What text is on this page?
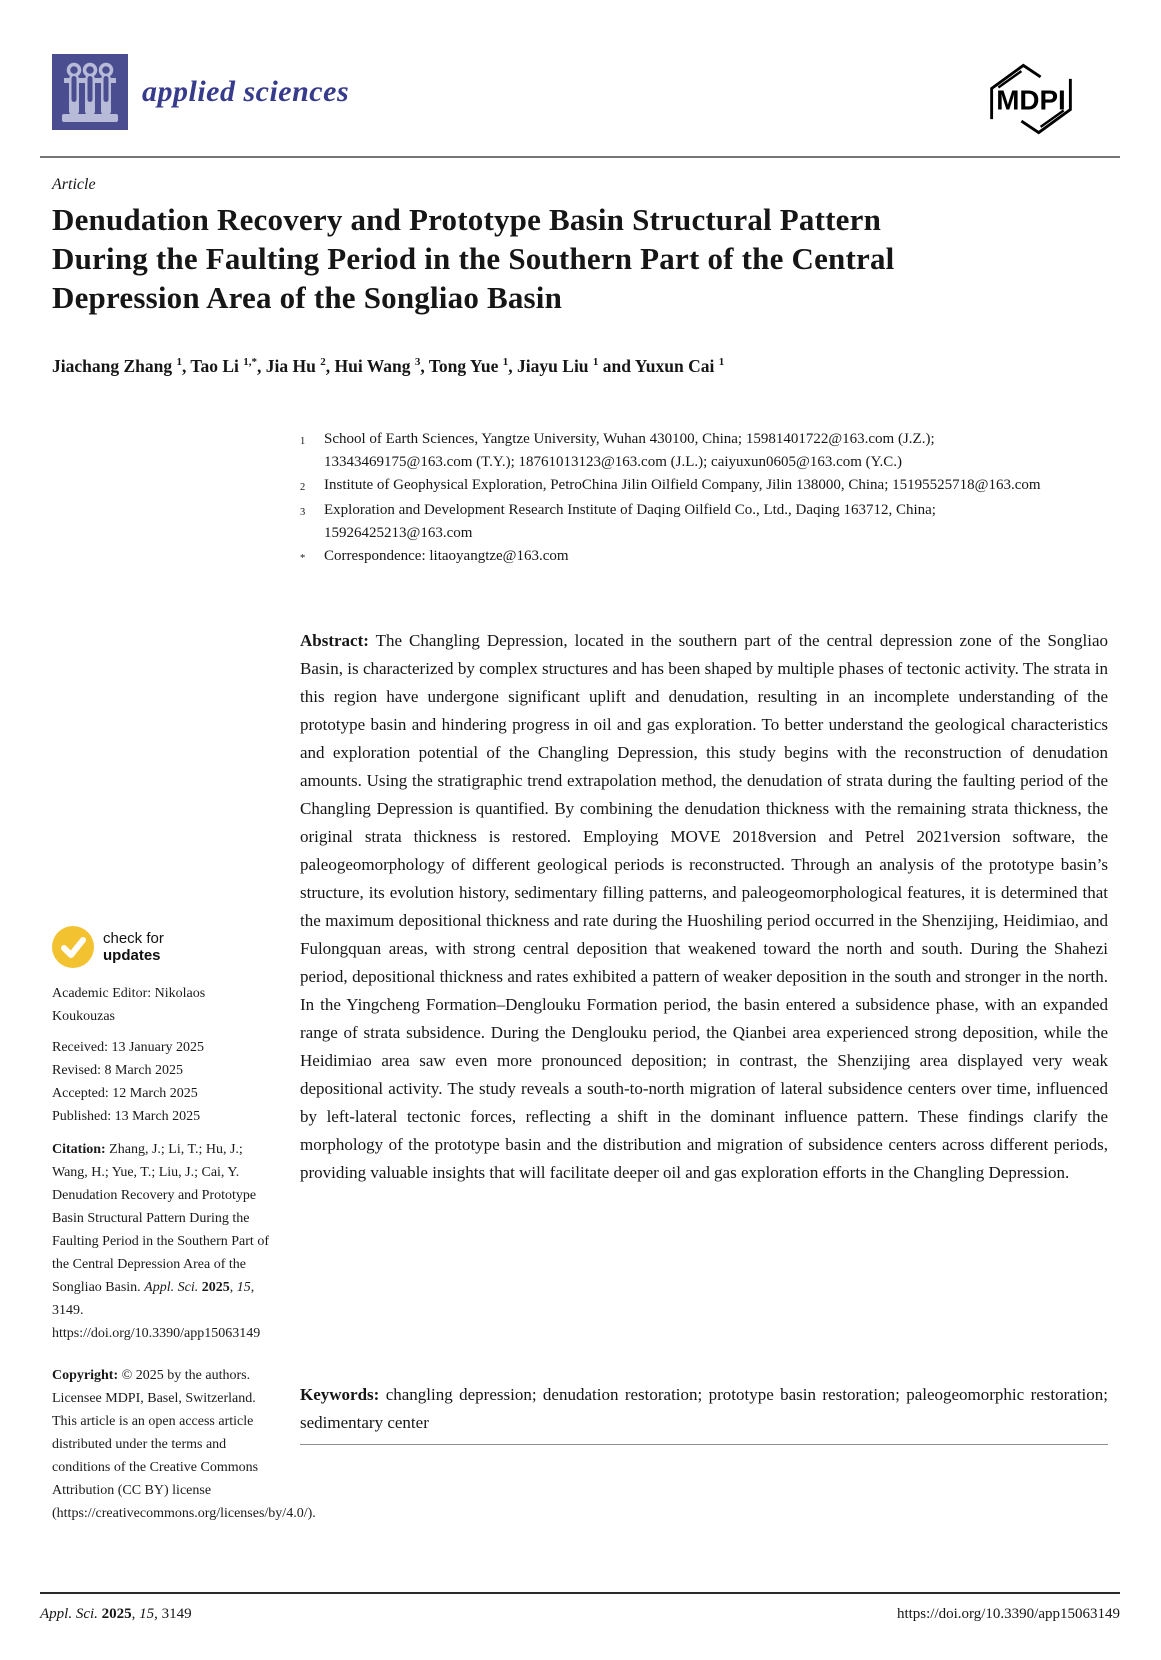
applied sciences	MDPI
Article
Denudation Recovery and Prototype Basin Structural Pattern
During the Faulting Period in the Southern Part of the Central
Depression Area of the Songliao Basin
Jiachang Zhang $^1$, Tao Li $^{1,*}$, Jia Hu $^2$, Hui Wang $^3$, Tong Yue $^1$, Jiayu Liu $^1$ and Yuxun Cai $^1$
1	School of Earth Sciences, Yangtze University, Wuhan 430100, China; 15981401722@163.com (J.Z.); 13343469175@163.com (T.Y.); 18761013123@163.com (J.L.); caiyuxun0605@163.com (Y.C.)
2	Institute of Geophysical Exploration, PetroChina Jilin Oilfield Company, Jilin 138000, China; 15195525718@163.com
3	Exploration and Development Research Institute of Daqing Oilfield Co., Ltd., Daqing 163712, China; 15926425213@163.com
*	Correspondence: litaoyangtze@163.com

Abstract: The Changling Depression, located in the southern part of the central depression zone of the Songliao Basin, is characterized by complex structures and has been shaped by multiple phases of tectonic activity. The strata in this region have undergone significant uplift and denudation, resulting in an incomplete understanding of the prototype basin and hindering progress in oil and gas exploration. To better understand the geological characteristics and exploration potential of the Changling Depression, this study begins with the reconstruction of denudation amounts. Using the stratigraphic trend extrapolation method, the denudation of strata during the faulting period of the Changling Depression is quantified. By combining the denudation thickness with the remaining strata thickness, the original strata thickness is restored. Employing MOVE 2018version and Petrel 2021version software, the paleogeomorphology of different geological periods is reconstructed. Through an analysis of the prototype basin’s structure, its evolution history, sedimentary filling patterns, and paleogeomorphological features, it is determined that the maximum depositional thickness and rate during the Huoshiling period occurred in the Shenzijing, Heidimiao, and Fulongquan areas, with strong central deposition that weakened toward the north and south. During the Shahezi period, depositional thickness and rates exhibited a pattern of weaker deposition in the south and stronger in the north. In the Yingcheng Formation–Denglouku Formation period, the basin entered a subsidence phase, with an expanded range of strata subsidence. During the Denglouku period, the Qianbei area experienced strong deposition, while the Heidimiao area saw even more pronounced deposition; in contrast, the Shenzijing area displayed very weak depositional activity. The study reveals a south-to-north migration of lateral subsidence centers over time, influenced by left-lateral tectonic forces, reflecting a shift in the dominant influence pattern. These findings clarify the morphology of the prototype basin and the distribution and migration of subsidence centers across different periods, providing valuable insights that will facilitate deeper oil and gas exploration efforts in the Changling Depression.

Keywords: changling depression; denudation restoration; prototype basin restoration; paleogeomorphic restoration; sedimentary center

check for
updates
Academic Editor: Nikolaos Koukouzas
Received: 13 January 2025
Revised: 8 March 2025
Accepted: 12 March 2025
Published: 13 March 2025
Citation: Zhang, J.; Li, T.; Hu, J.; Wang, H.; Yue, T.; Liu, J.; Cai, Y. Denudation Recovery and Prototype Basin Structural Pattern During the Faulting Period in the Southern Part of the Central Depression Area of the Songliao Basin. Appl. Sci. 2025, 15, 3149. https://doi.org/10.3390/app15063149
Copyright: © 2025 by the authors. Licensee MDPI, Basel, Switzerland. This article is an open access article distributed under the terms and conditions of the Creative Commons Attribution (CC BY) license (https://creativecommons.org/licenses/by/4.0/).
Appl. Sci. 2025, 15, 3149	https://doi.org/10.3390/app15063149
